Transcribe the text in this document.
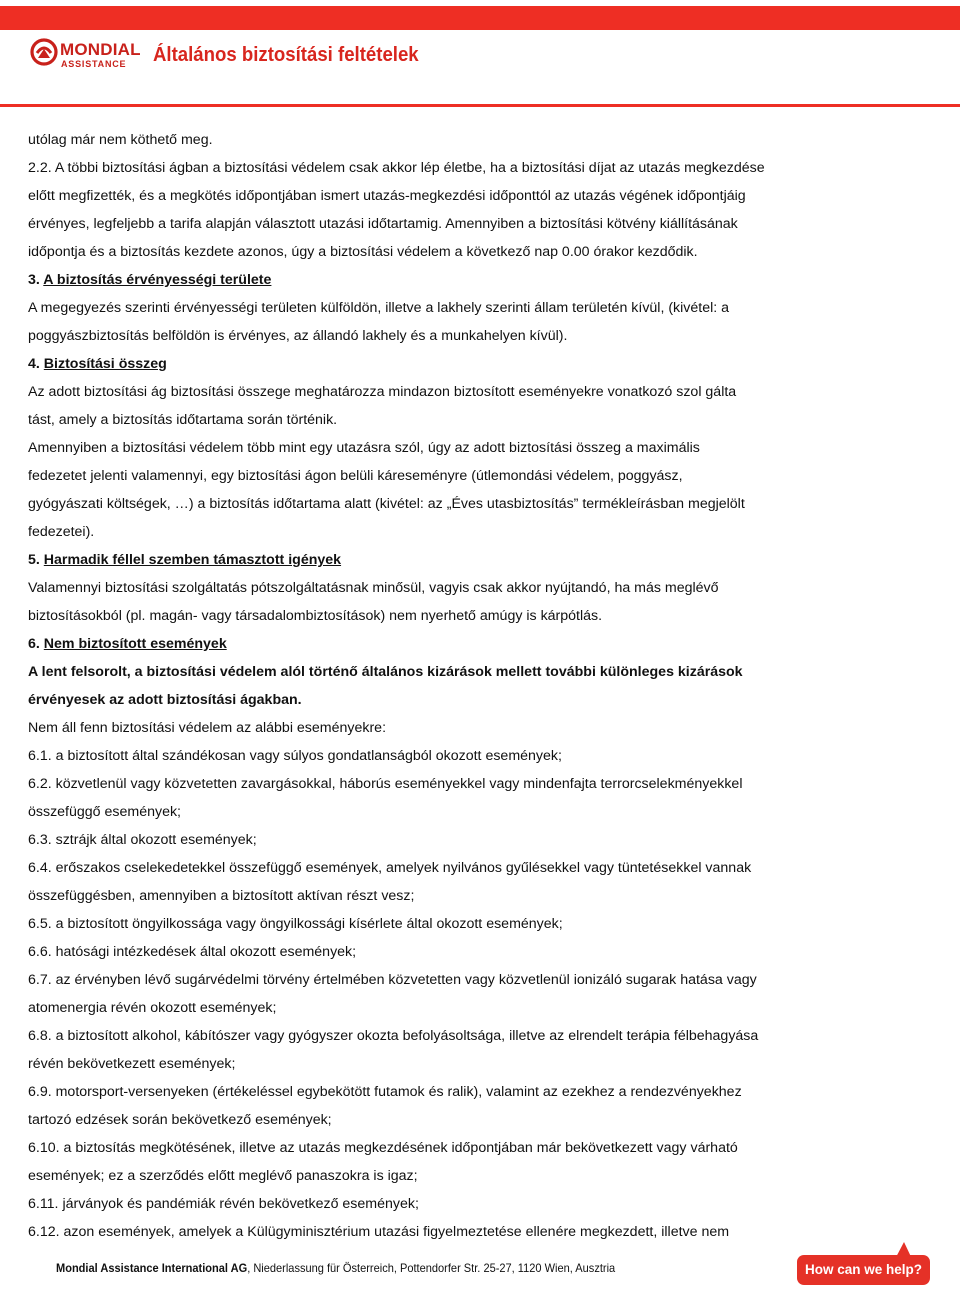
MONDIAL
ASSISTANCE Általános biztosítási feltételek
utólag már nem köthető meg.
2.2. A többi biztosítási ágban a biztosítási védelem csak akkor lép életbe, ha a biztosítási díjat az utazás megkezdése
előtt megfizették, és a megkötés időpontjában ismert utazás-megkezdési időponttól az utazás végének időpontjáig
érvényes, legfeljebb a tarifa alapján választott utazási időtartamig. Amennyiben a biztosítási kötvény kiállításának
időpontja és a biztosítás kezdete azonos, úgy a biztosítási védelem a következő nap 0.00 órakor kezdődik.
3. A biztosítás érvényességi területe
A megegyezés szerinti érvényességi területen külföldön, illetve a lakhely szerinti állam területén kívül, (kivétel: a
poggyászbiztosítás belföldön is érvényes, az állandó lakhely és a munkahelyen kívül).
4. Biztosítási összeg
Az adott biztosítási ág biztosítási összege meghatározza mindazon biztosított eseményekre vonatkozó szol gálta
tást, amely a biztosítás időtartama során történik.
Amennyiben a biztosítási védelem több mint egy utazásra szól, úgy az adott biztosítási összeg a maximális
fedezetet jelenti valamennyi, egy biztosítási ágon belüli káreseményre (útlemondási védelem, poggyász,
gyógyászati költségek, …) a biztosítás időtartama alatt (kivétel: az „Éves utasbiztosítás” termékleírásban megjelölt
fedezetei).
5. Harmadik féllel szemben támasztott igények
Valamennyi biztosítási szolgáltatás pótszolgáltatásnak minősül, vagyis csak akkor nyújtandó, ha más meglévő
biztosításokból (pl. magán- vagy társadalombiztosítások) nem nyerhető amúgy is kárpótlás.
6. Nem biztosított események
A lent felsorolt, a biztosítási védelem alól történő általános kizárások mellett további különleges kizárások
érvényesek az adott biztosítási ágakban.
Nem áll fenn biztosítási védelem az alábbi eseményekre:
6.1. a biztosított által szándékosan vagy súlyos gondatlanságból okozott események;
6.2. közvetlenül vagy közvetetten zavargásokkal, háborús eseményekkel vagy mindenfajta terrorcselekményekkel
összefüggő események;
6.3. sztrájk által okozott események;
6.4. erőszakos cselekedetekkel összefüggő események, amelyek nyilvános gyűlésekkel vagy tüntetésekkel vannak
összefüggésben, amennyiben a biztosított aktívan részt vesz;
6.5. a biztosított öngyilkossága vagy öngyilkossági kísérlete által okozott események;
6.6. hatósági intézkedések által okozott események;
6.7. az érvényben lévő sugárvédelmi törvény értelmében közvetetten vagy közvetlenül ionizáló sugarak hatása vagy
atomenergia révén okozott események;
6.8. a biztosított alkohol, kábítószer vagy gyógyszer okozta befolyásoltsága, illetve az elrendelt terápia félbehagyása
révén bekövetkezett események;
6.9. motorsport-versenyeken (értékeléssel egybekötött futamok és ralik), valamint az ezekhez a rendezvényekhez
tartozó edzések során bekövetkező események;
6.10. a biztosítás megkötésének, illetve az utazás megkezdésének időpontjában már bekövetkezett vagy várható
események; ez a szerződés előtt meglévő panaszokra is igaz;
6.11. járványok és pandémiák révén bekövetkező események;
6.12. azon események, amelyek a Külügyminisztérium utazási figyelmeztetése ellenére megkezdett, illetve nem
Mondial Assistance International AG, Niederlassung für Österreich, Pottendorfer Str. 25-27, 1120 Wien, Ausztria	How can we help?
